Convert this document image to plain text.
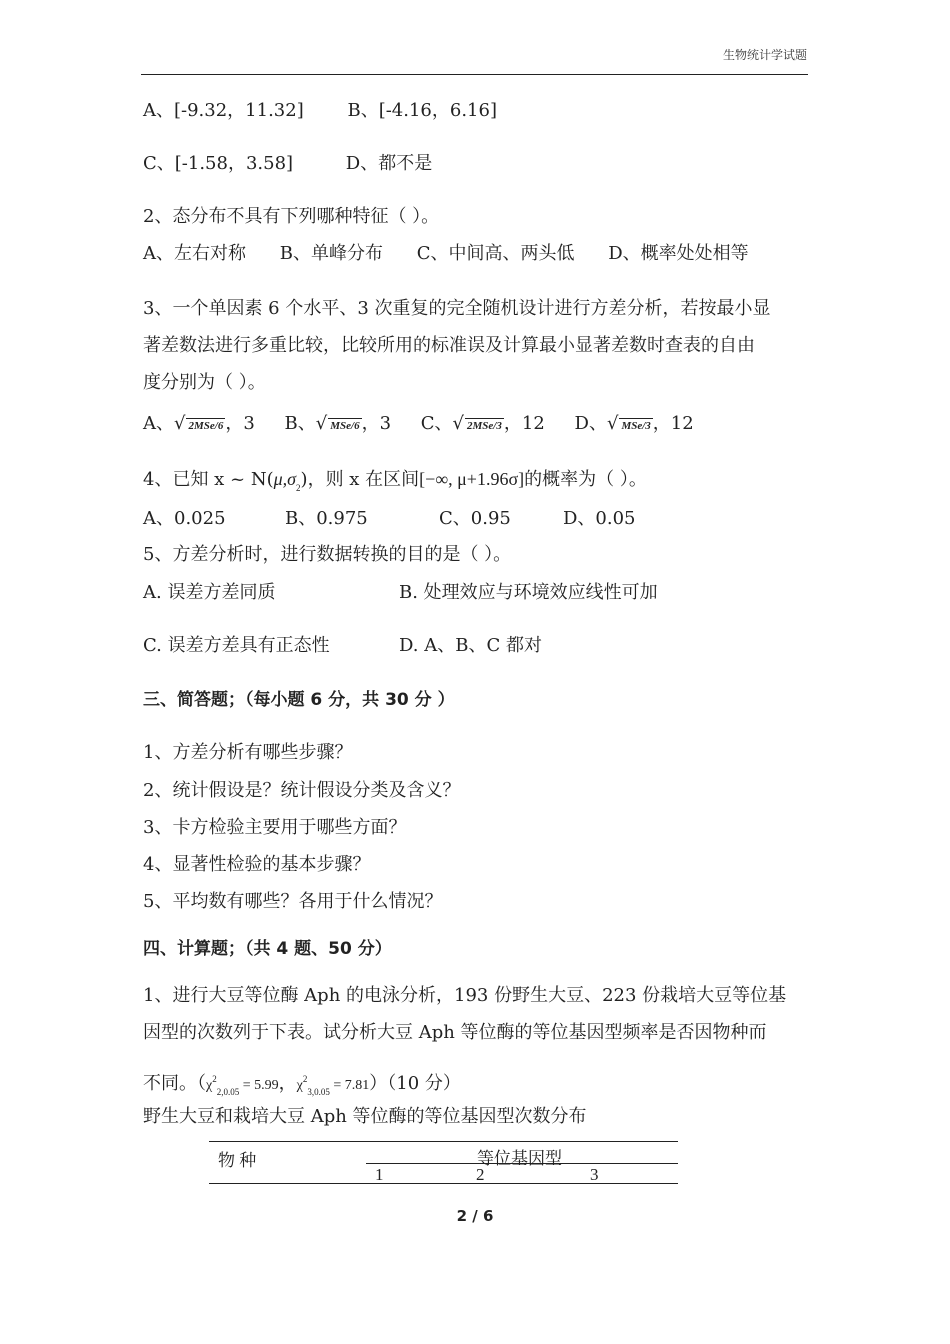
生物统计学试题
A、[-9.32，11.32] B、[-4.16，6.16]
C、[-1.58，3.58]	D、都不是
2、态分布不具有下列哪种特征（ ）。
A、左右对称 B、单峰分布 C、中间高、两头低 D、概率处处相等
3、一个单因素 6 个水平、3 次重复的完全随机设计进行方差分析，若按最小显
著差数法进行多重比较，比较所用的标准误及计算最小显著差数时查表的自由
度分别为（ ）。
A、√ 2MSe/6 ，3 B、√ MSe/6 ，3 C、√ 2MSe/3 ，12 D、√ MSe/3 ，12
4、已知 x ~ $N(\mu,\sigma_2)$，则 x 在区间[−∞, μ+1.96σ]的概率为（ ）。
A、0.025	B、0.975	C、0.95	D、0.05
5、方差分析时，进行数据转换的目的是（ ）。
A. 误差方差同质	B. 处理效应与环境效应线性可加
C. 误差方差具有正态性	D. A、B、C 都对
三、简答题；（每小题 6 分，共 30 分 ）
1、方差分析有哪些步骤？
2、统计假设是？统计假设分类及含义？
3、卡方检验主要用于哪些方面？
4、显著性检验的基本步骤？
5、平均数有哪些？各用于什么情况？
四、计算题；（共 4 题、50 分）
1、进行大豆等位酶 Aph 的电泳分析，193 份野生大豆、223 份栽培大豆等位基
因型的次数列于下表。试分析大豆 Aph 等位酶的等位基因型频率是否因物种而
不同。（$\chi^2_{2,0.05} = 5.99$，$\chi^2_{3,0.05} = 7.81)(10$ 分）
野生大豆和栽培大豆 Aph 等位酶的等位基因型次数分布
物 种	等位基因型
1	2	3
2 / 6
